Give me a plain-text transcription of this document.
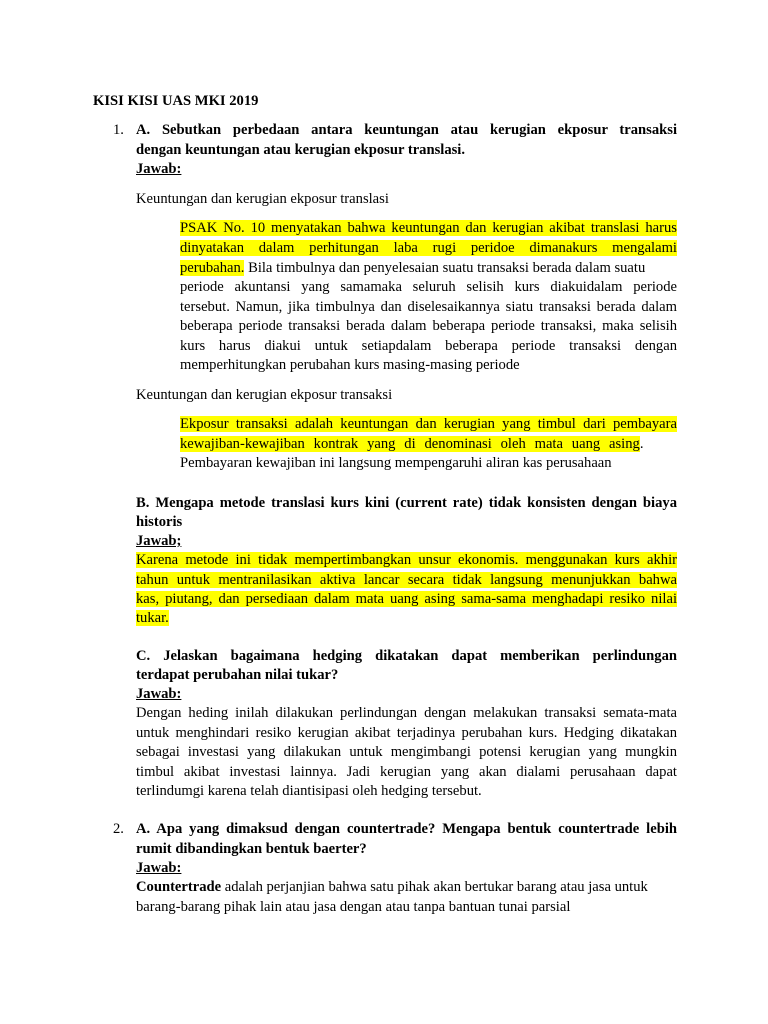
KISI KISI UAS MKI 2019
1. A. Sebutkan perbedaan antara keuntungan atau kerugian ekposur transaksi
dengan keuntungan atau kerugian ekposur translasi.
Jawab:
Keuntungan dan kerugian ekposur translasi
PSAK No. 10 menyatakan bahwa keuntungan dan kerugian akibat translasi harus
dinyatakan dalam perhitungan laba rugi peridoe dimanakurs mengalami
perubahan. Bila timbulnya dan penyelesaian suatu transaksi berada dalam suatu
periode akuntansi yang samamaka seluruh selisih kurs diakuidalam periode
tersebut. Namun, jika timbulnya dan diselesaikannya siatu transaksi berada dalam
beberapa periode transaksi berada dalam beberapa periode transaksi, maka selisih
kurs harus diakui untuk setiapdalam beberapa periode transaksi dengan
memperhitungkan perubahan kurs masing-masing periode
Keuntungan dan kerugian ekposur transaksi
Ekposur transaksi adalah keuntungan dan kerugian yang timbul dari pembayara
kewajiban-kewajiban kontrak yang di denominasi oleh mata uang asing.
Pembayaran kewajiban ini langsung mempengaruhi aliran kas perusahaan
B. Mengapa metode translasi kurs kini (current rate) tidak konsisten dengan biaya
historis
Jawab;
Karena metode ini tidak mempertimbangkan unsur ekonomis. menggunakan kurs akhir
tahun untuk mentranilasikan aktiva lancar secara tidak langsung menunjukkan bahwa
kas, piutang, dan persediaan dalam mata uang asing sama-sama menghadapi resiko nilai
tukar.
C. Jelaskan bagaimana hedging dikatakan dapat memberikan perlindungan
terdapat perubahan nilai tukar?
Jawab:
Dengan heding inilah dilakukan perlindungan dengan melakukan transaksi semata-mata
untuk menghindari resiko kerugian akibat terjadinya perubahan kurs. Hedging dikatakan
sebagai investasi yang dilakukan untuk mengimbangi potensi kerugian yang mungkin
timbul akibat investasi lainnya. Jadi kerugian yang akan dialami perusahaan dapat
terlindumgi karena telah diantisipasi oleh hedging tersebut.
2. A. Apa yang dimaksud dengan countertrade? Mengapa bentuk countertrade lebih
rumit dibandingkan bentuk baerter?
Jawab:
Countertrade adalah perjanjian bahwa satu pihak akan bertukar barang atau jasa untuk
barang-barang pihak lain atau jasa dengan atau tanpa bantuan tunai parsial
